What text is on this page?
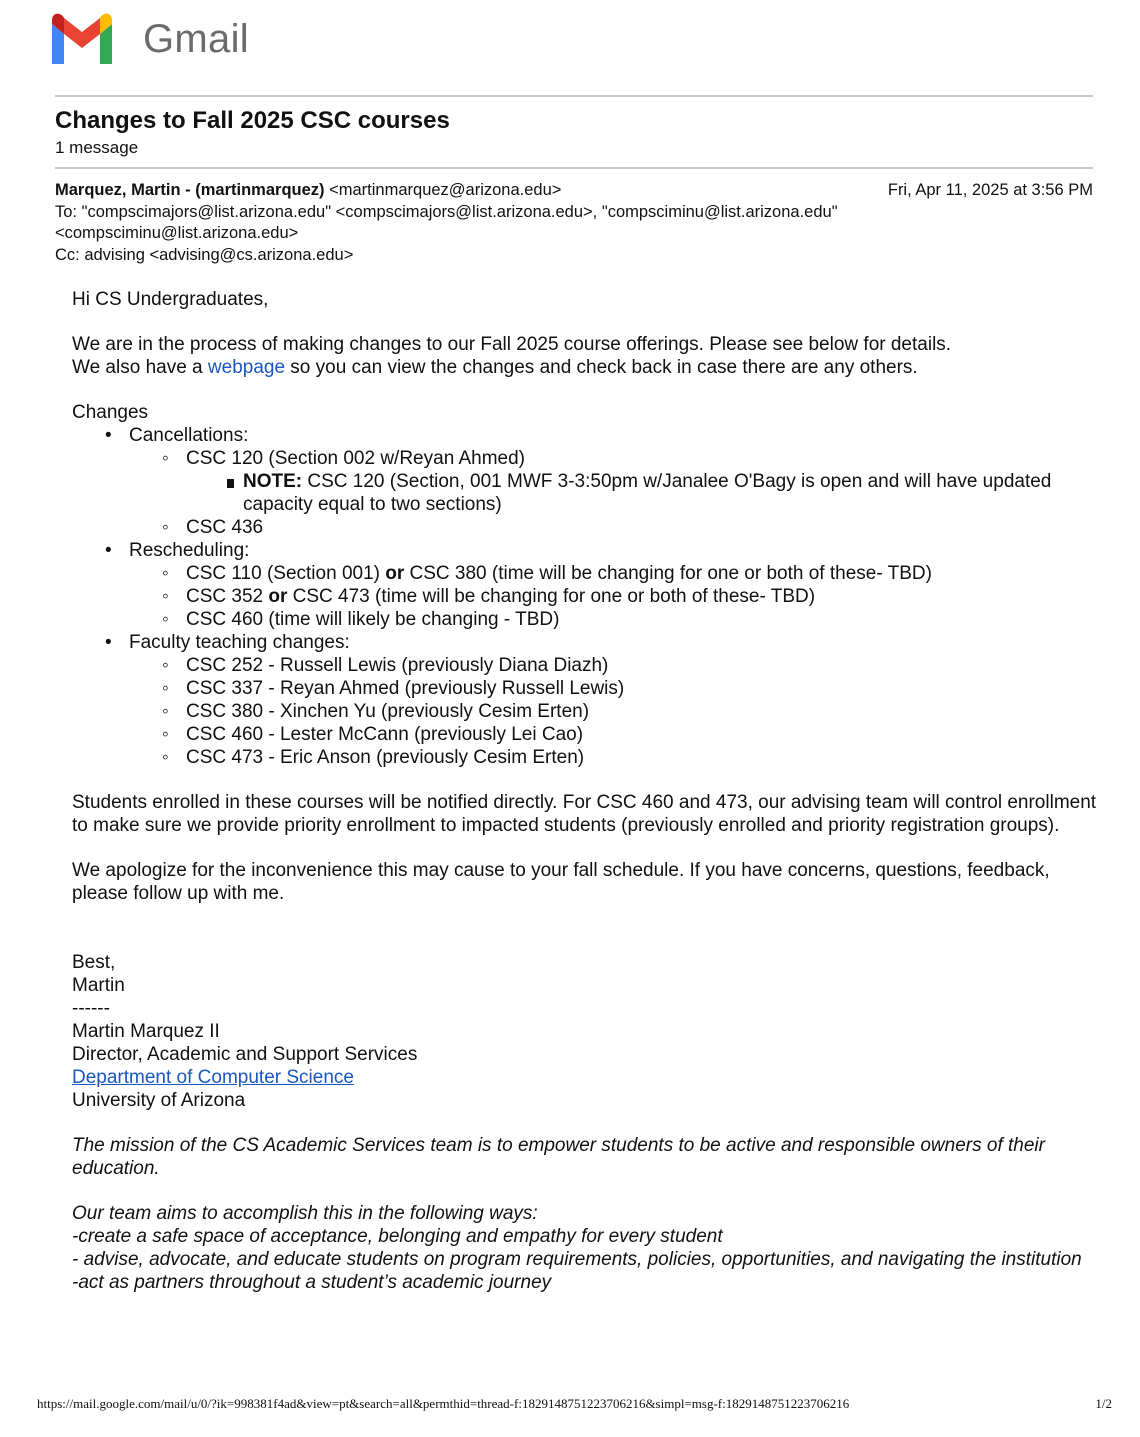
Gmail
Changes to Fall 2025 CSC courses
1 message
Marquez, Martin - (martinmarquez) <martinmarquez@arizona.edu>	Fri, Apr 11, 2025 at 3:56 PM
To: "compscimajors@list.arizona.edu" <compscimajors@list.arizona.edu>, "compsciminu@list.arizona.edu"
<compsciminu@list.arizona.edu>
Cc: advising <advising@cs.arizona.edu>

Hi CS Undergraduates,

We are in the process of making changes to our Fall 2025 course offerings. Please see below for details.

We also have a webpage so you can view the changes and check back in case there are any others.

Changes

• Cancellations:
◦ CSC 120 (Section 002 w/Reyan Ahmed)
NOTE: CSC 120 (Section, 001 MWF 3-3:50pm w/Janalee O'Bagy is open and will have updated capacity equal to two sections)
◦ CSC 436
• Rescheduling:
◦ CSC 110 (Section 001) or CSC 380 (time will be changing for one or both of these- TBD)
◦ CSC 352 or CSC 473 (time will be changing for one or both of these- TBD)
◦ CSC 460 (time will likely be changing - TBD)
• Faculty teaching changes:
◦ CSC 252 - Russell Lewis (previously Diana Diazh)
◦ CSC 337 - Reyan Ahmed (previously Russell Lewis)
◦ CSC 380 - Xinchen Yu (previously Cesim Erten)
◦ CSC 460 - Lester McCann (previously Lei Cao)
◦ CSC 473 - Eric Anson (previously Cesim Erten)

Students enrolled in these courses will be notified directly. For CSC 460 and 473, our advising team will control enrollment to make sure we provide priority enrollment to impacted students (previously enrolled and priority registration groups).

We apologize for the inconvenience this may cause to your fall schedule. If you have concerns, questions, feedback, please follow up with me.

Best,

Martin

------

Martin Marquez II

Director, Academic and Support Services

Department of Computer Science

University of Arizona

The mission of the CS Academic Services team is to empower students to be active and responsible owners of their education.

Our team aims to accomplish this in the following ways:

-create a safe space of acceptance, belonging and empathy for every student

- advise, advocate, and educate students on program requirements, policies, opportunities, and navigating the institution

-act as partners throughout a student’s academic journey

https://mail.google.com/mail/u/0/?ik=998381f4ad&view=pt&search=all&permthid=thread-f:1829148751223706216&simpl=msg-f:1829148751223706216	1/2
